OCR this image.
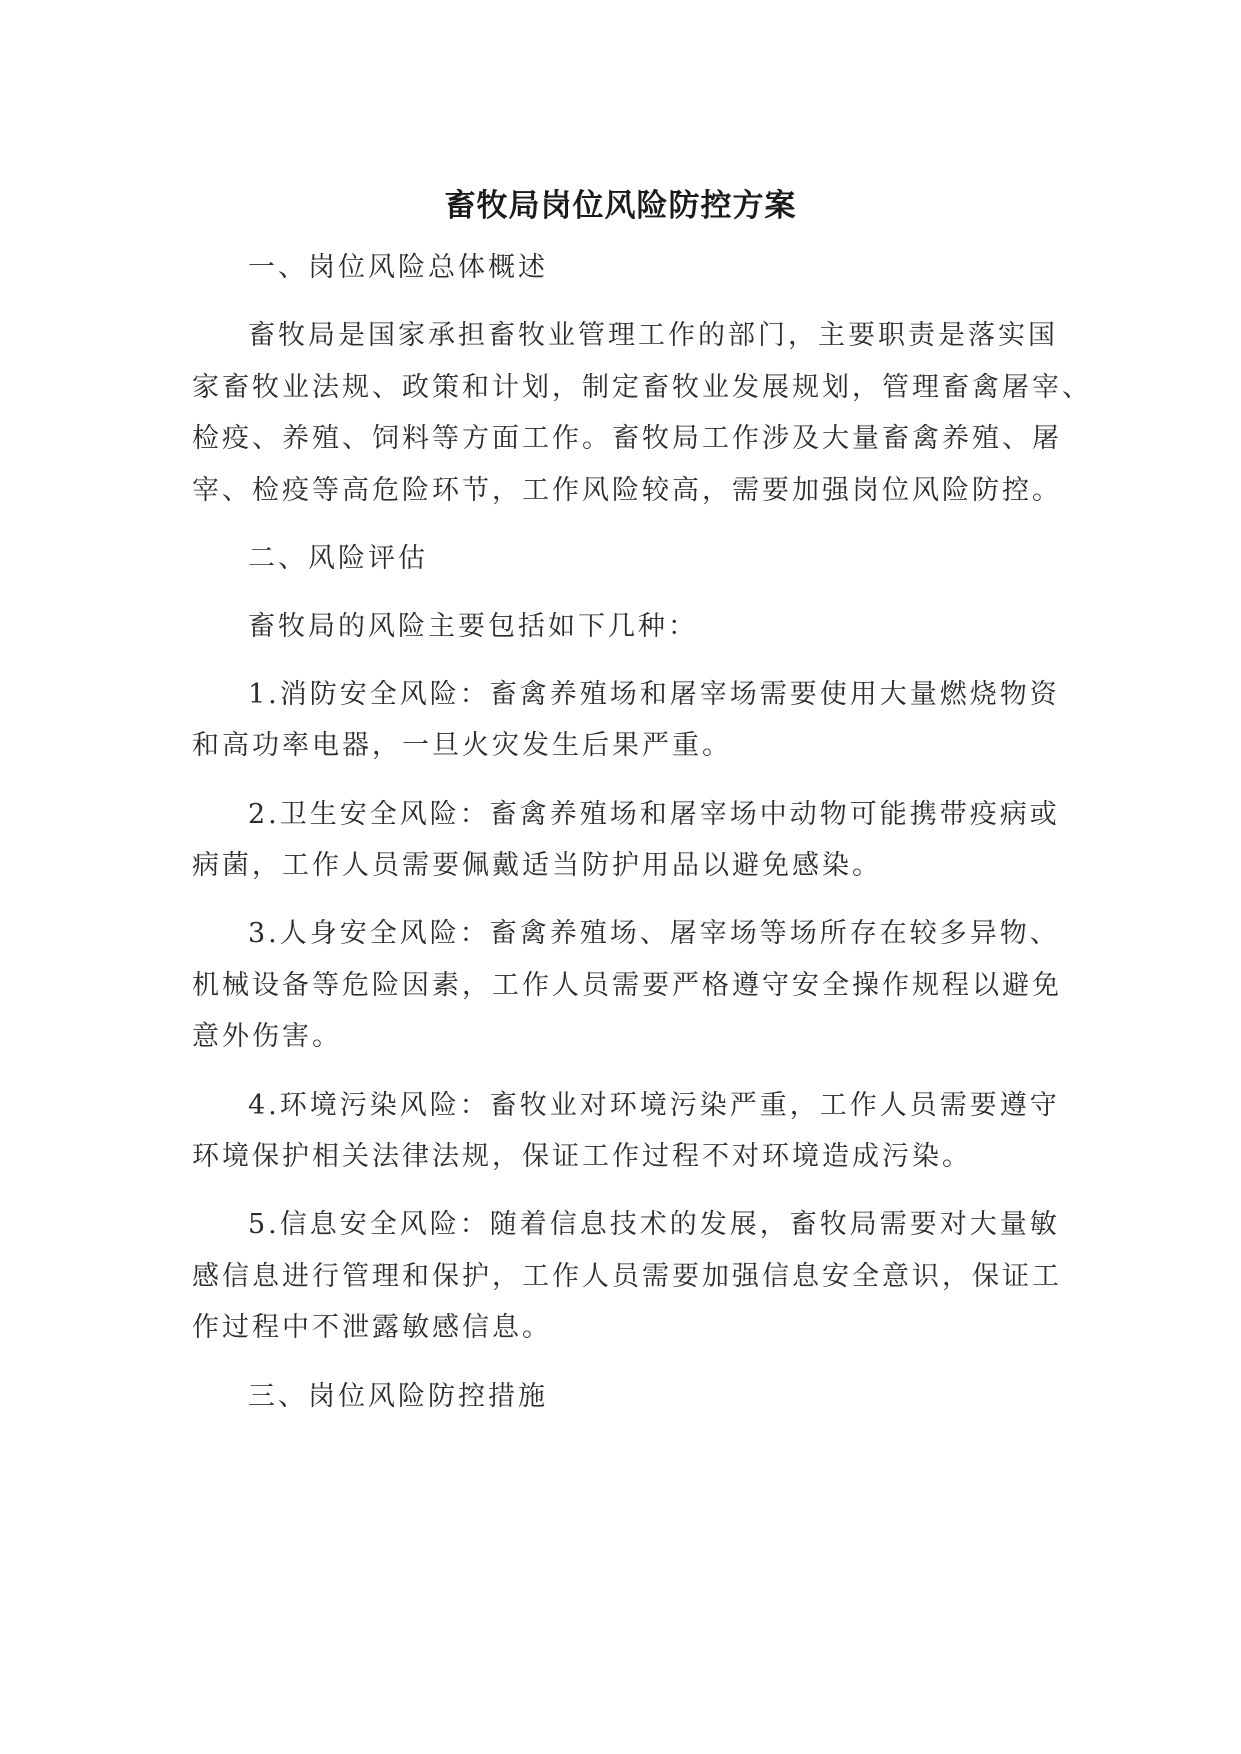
畜牧局岗位风险防控方案
一、岗位风险总体概述
畜牧局是国家承担畜牧业管理工作的部门，主要职责是落实国
家畜牧业法规、政策和计划，制定畜牧业发展规划，管理畜禽屠宰、
检疫、养殖、饲料等方面工作。畜牧局工作涉及大量畜禽养殖、屠
宰、检疫等高危险环节，工作风险较高，需要加强岗位风险防控。
二、风险评估
畜牧局的风险主要包括如下几种：
1.消防安全风险：畜禽养殖场和屠宰场需要使用大量燃烧物资
和高功率电器，一旦火灾发生后果严重。
2.卫生安全风险：畜禽养殖场和屠宰场中动物可能携带疫病或
病菌，工作人员需要佩戴适当防护用品以避免感染。
3.人身安全风险：畜禽养殖场、屠宰场等场所存在较多异物、
机械设备等危险因素，工作人员需要严格遵守安全操作规程以避免
意外伤害。
4.环境污染风险：畜牧业对环境污染严重，工作人员需要遵守
环境保护相关法律法规，保证工作过程不对环境造成污染。
5.信息安全风险：随着信息技术的发展，畜牧局需要对大量敏
感信息进行管理和保护，工作人员需要加强信息安全意识，保证工
作过程中不泄露敏感信息。
三、岗位风险防控措施
